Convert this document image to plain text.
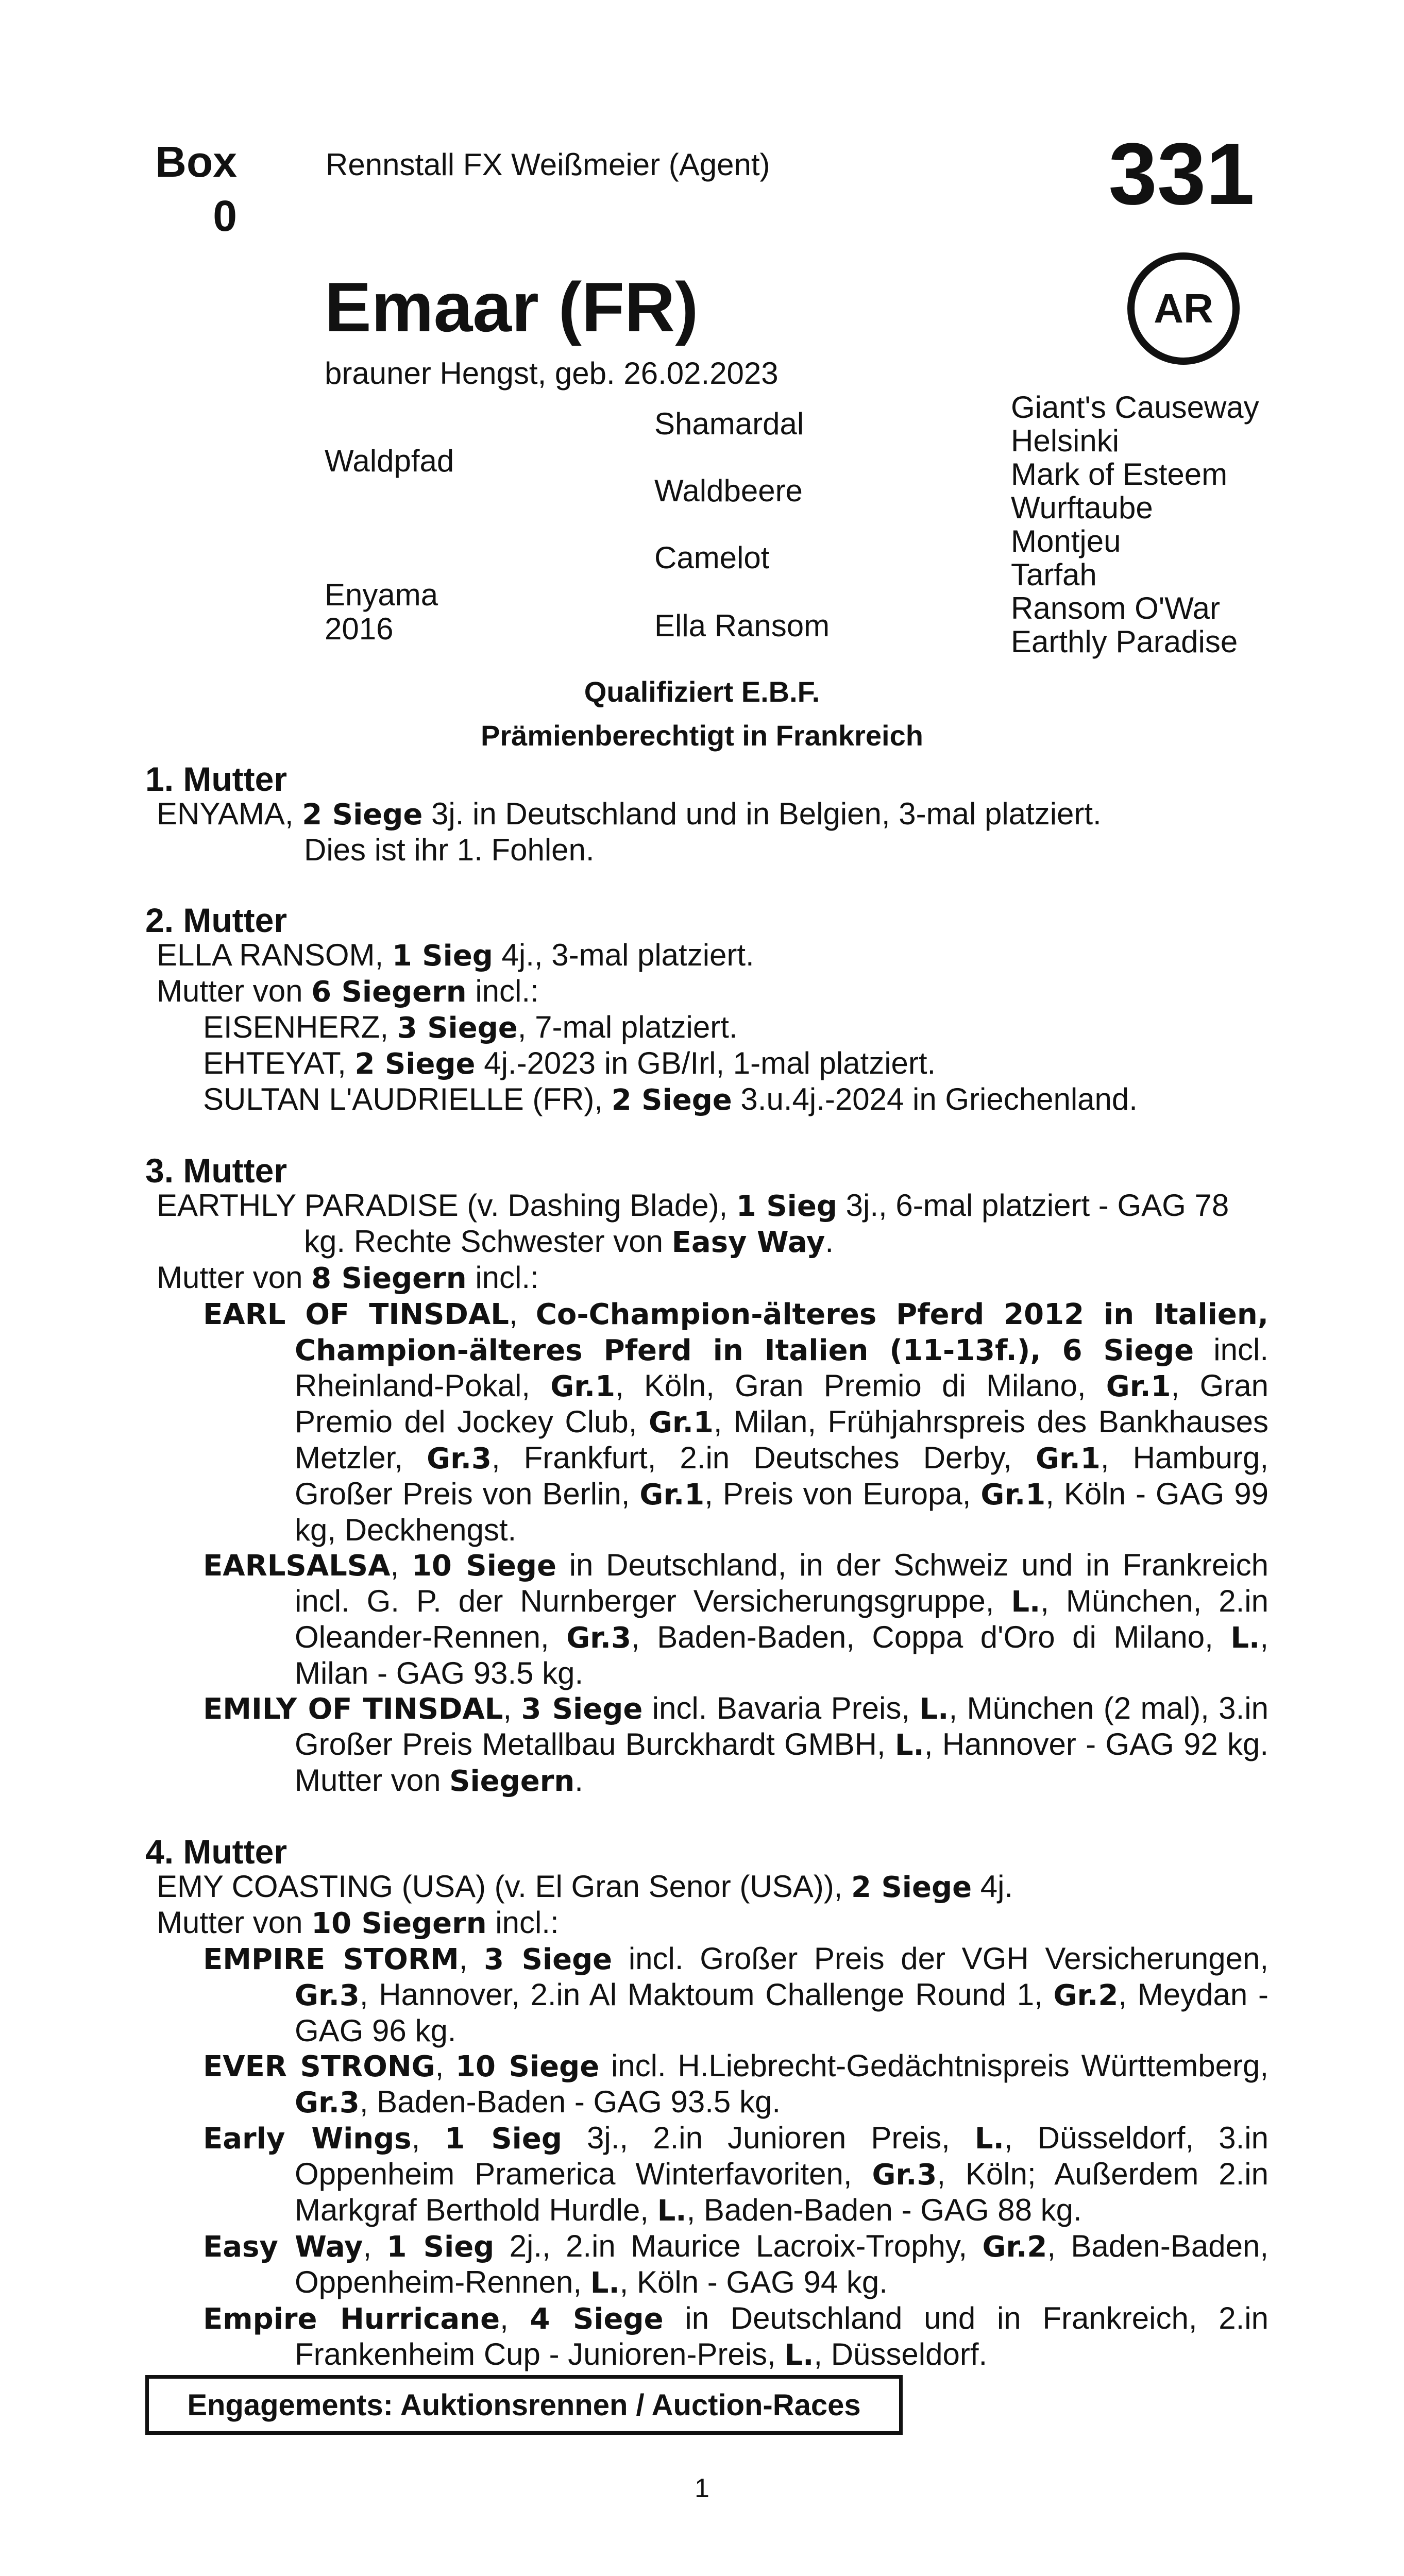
Box
0
Rennstall FX Weißmeier (Agent)	331
AR
Emaar (FR)
brauner Hengst, geb. 26.02.2023
Waldpfad
Enyama
2016
Shamardal
Waldbeere
Camelot
Ella Ransom
Giant's Causeway
Helsinki
Mark of Esteem
Wurftaube
Montjeu
Tarfah
Ransom O'War
Earthly Paradise
Qualifiziert E.B.F.
Prämienberechtigt in Frankreich
1. Mutter
ENYAMA, 2 Siege 3j. in Deutschland und in Belgien, 3-mal platziert.
Dies ist ihr 1. Fohlen.
2. Mutter
ELLA RANSOM, 1 Sieg 4j., 3-mal platziert.
Mutter von 6 Siegern incl.:
EISENHERZ, 3 Siege, 7-mal platziert.
EHTEYAT, 2 Siege 4j.-2023 in GB/Irl, 1-mal platziert.
SULTAN L'AUDRIELLE (FR), 2 Siege 3.u.4j.-2024 in Griechenland.
3. Mutter
EARTHLY PARADISE (v. Dashing Blade), 1 Sieg 3j., 6-mal platziert - GAG 78 kg. Rechte Schwester von Easy Way.
Mutter von 8 Siegern incl.:
EARL OF TINSDAL, Co-Champion-älteres Pferd 2012 in Italien, Champion-älteres Pferd in Italien (11-13f.), 6 Siege incl. Rheinland-Pokal, Gr.1, Köln, Gran Premio di Milano, Gr.1, Gran Premio del Jockey Club, Gr.1, Milan, Frühjahrspreis des Bankhauses Metzler, Gr.3, Frankfurt, 2.in Deutsches Derby, Gr.1, Hamburg, Großer Preis von Berlin, Gr.1, Preis von Europa, Gr.1, Köln - GAG 99 kg, Deckhengst.
EARLSALSA, 10 Siege in Deutschland, in der Schweiz und in Frankreich incl. G. P. der Nurnberger Versicherungsgruppe, L., München, 2.in Oleander-Rennen, Gr.3, Baden-Baden, Coppa d'Oro di Milano, L., Milan - GAG 93.5 kg.
EMILY OF TINSDAL, 3 Siege incl. Bavaria Preis, L., München (2 mal), 3.in Großer Preis Metallbau Burckhardt GMBH, L., Hannover - GAG 92 kg. Mutter von Siegern.
4. Mutter
EMY COASTING (USA) (v. El Gran Senor (USA)), 2 Siege 4j.
Mutter von 10 Siegern incl.:
EMPIRE STORM, 3 Siege incl. Großer Preis der VGH Versicherungen, Gr.3, Hannover, 2.in Al Maktoum Challenge Round 1, Gr.2, Meydan - GAG 96 kg.
EVER STRONG, 10 Siege incl. H.Liebrecht-Gedächtnispreis Württemberg, Gr.3, Baden-Baden - GAG 93.5 kg.
Early Wings, 1 Sieg 3j., 2.in Junioren Preis, L., Düsseldorf, 3.in Oppenheim Pramerica Winterfavoriten, Gr.3, Köln; Außerdem 2.in Markgraf Berthold Hurdle, L., Baden-Baden - GAG 88 kg.
Easy Way, 1 Sieg 2j., 2.in Maurice Lacroix-Trophy, Gr.2, Baden-Baden, Oppenheim-Rennen, L., Köln - GAG 94 kg.
Empire Hurricane, 4 Siege in Deutschland und in Frankreich, 2.in Frankenheim Cup - Junioren-Preis, L., Düsseldorf.
Engagements: Auktionsrennen / Auction-Races
1
